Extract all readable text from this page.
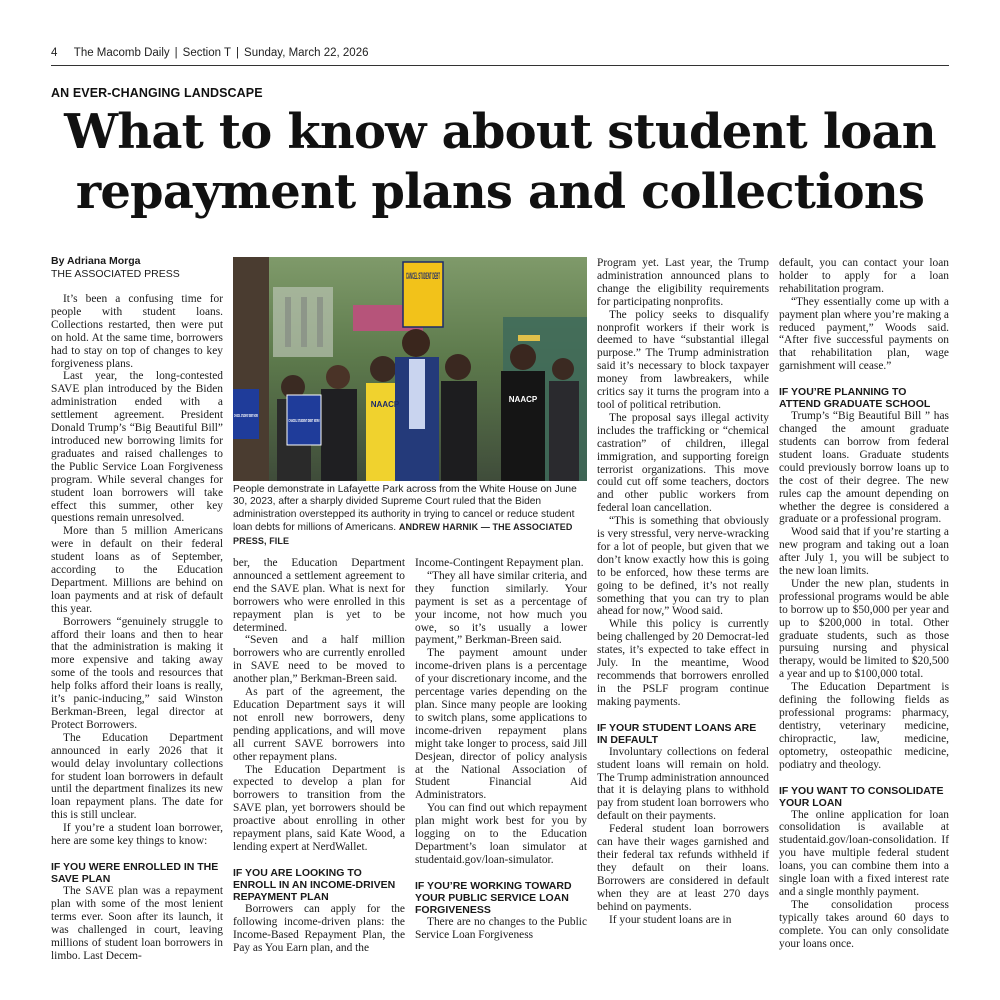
4 The Macomb Daily | Section T | Sunday, March 22, 2026
AN EVER-CHANGING LANDSCAPE
What to know about student loan
repayment plans and collections
By Adriana Morga
THE ASSOCIATED PRESS

It’s been a confusing time for people with student loans. Collections restarted, then were put on hold. At the same time, borrowers had to stay on top of changes to key forgiveness plans.

Last year, the long-contested SAVE plan introduced by the Biden administration ended with a settlement agreement. President Donald Trump’s “Big Beautiful Bill” introduced new borrowing limits for graduates and raised challenges to the Public Service Loan Forgiveness program. While several changes for student loan borrowers will take effect this summer, other key questions remain unresolved.

More than 5 million Americans were in default on their federal student loans as of September, according to the Education Department. Millions are behind on loan payments and at risk of default this year.

Borrowers “genuinely struggle to afford their loans and then to hear that the administration is making it more expensive and taking away some of the tools and resources that help folks afford their loans is really, it’s panic-inducing,” said Winston Berkman-Breen, legal director at Protect Borrowers.

The Education Department announced in early 2026 that it would delay involuntary collections for student loan borrowers in default until the department finalizes its new loan repayment plans. The date for this is still unclear.

If you’re a student loan borrower, here are some key things to know:

IF YOU WERE ENROLLED IN THE SAVE PLAN

The SAVE plan was a repayment plan with some of the most lenient terms ever. Soon after its launch, it was challenged in court, leaving millions of student loan borrowers in limbo. Last Decem-

CANCEL STUDENT DEBT
CANCEL STUDENT DEBT NOW!
CANCEL STUDENT DEBT NOW!
NAACP
NAACP
People demonstrate in Lafayette Park across from the White House on June 30, 2023, after a sharply divided Supreme Court ruled that the Biden administration overstepped its authority in trying to cancel or reduce student loan debts for millions of Americans. ANDREW HARNIK — THE ASSOCIATED PRESS, FILE

ber, the Education Department announced a settlement agreement to end the SAVE plan. What is next for borrowers who were enrolled in this repayment plan is yet to be determined.

“Seven and a half million borrowers who are currently enrolled in SAVE need to be moved to another plan,” Berkman-Breen said.

As part of the agreement, the Education Department says it will not enroll new borrowers, deny pending applications, and will move all current SAVE borrowers into other repayment plans.

The Education Department is expected to develop a plan for borrowers to transition from the SAVE plan, yet borrowers should be proactive about enrolling in other repayment plans, said Kate Wood, a lending expert at NerdWallet.

IF YOU ARE LOOKING TO ENROLL IN AN INCOME-DRIVEN REPAYMENT PLAN

Borrowers can apply for the following income-driven plans: the Income-Based Repayment Plan, the Pay as You Earn plan, and the

Income-Contingent Repayment plan.

“They all have similar criteria, and they function similarly. Your payment is set as a percentage of your income, not how much you owe, so it’s usually a lower payment,” Berkman-Breen said.

The payment amount under income-driven plans is a percentage of your discretionary income, and the percentage varies depending on the plan. Since many people are looking to switch plans, some applications to income-driven repayment plans might take longer to process, said Jill Desjean, director of policy analysis at the National Association of Student Financial Aid Administrators.

You can find out which repayment plan might work best for you by logging on to the Education Department’s loan simulator at studentaid.gov/loan-simulator.

IF YOU’RE WORKING TOWARD YOUR PUBLIC SERVICE LOAN FORGIVENESS

There are no changes to the Public Service Loan Forgiveness

Program yet. Last year, the Trump administration announced plans to change the eligibility requirements for participating nonprofits.

The policy seeks to disqualify nonprofit workers if their work is deemed to have “substantial illegal purpose.” The Trump administration said it’s necessary to block taxpayer money from lawbreakers, while critics say it turns the program into a tool of political retribution.

The proposal says illegal activity includes the trafficking or “chemical castration” of children, illegal immigration, and supporting foreign terrorist organizations. This move could cut off some teachers, doctors and other public workers from federal loan cancellation.

“This is something that obviously is very stressful, very nerve-wracking for a lot of people, but given that we don’t know exactly how this is going to be enforced, how these terms are going to be defined, it’s not really something that you can try to plan ahead for now,” Wood said.

While this policy is currently being challenged by 20 Democrat-led states, it’s expected to take effect in July. In the meantime, Wood recommends that borrowers enrolled in the PSLF program continue making payments.

IF YOUR STUDENT LOANS ARE IN DEFAULT

Involuntary collections on federal student loans will remain on hold. The Trump administration announced that it is delaying plans to withhold pay from student loan borrowers who default on their payments.

Federal student loan borrowers can have their wages garnished and their federal tax refunds withheld if they default on their loans. Borrowers are considered in default when they are at least 270 days behind on payments.

If your student loans are in

default, you can contact your loan holder to apply for a loan rehabilitation program.

“They essentially come up with a payment plan where you’re making a reduced payment,” Woods said. “After five successful payments on that rehabilitation plan, wage garnishment will cease.”

IF YOU’RE PLANNING TO ATTEND GRADUATE SCHOOL

Trump’s “Big Beautiful Bill ” has changed the amount graduate students can borrow from federal student loans. Graduate students could previously borrow loans up to the cost of their degree. The new rules cap the amount depending on whether the degree is considered a graduate or a professional program.

Wood said that if you’re starting a new program and taking out a loan after July 1, you will be subject to the new loan limits.

Under the new plan, students in professional programs would be able to borrow up to $50,000 per year and up to $200,000 in total. Other graduate students, such as those pursuing nursing and physical therapy, would be limited to $20,500 a year and up to $100,000 total.

The Education Department is defining the following fields as professional programs: pharmacy, dentistry, veterinary medicine, chiropractic, law, medicine, optometry, osteopathic medicine, podiatry and theology.

IF YOU WANT TO CONSOLIDATE YOUR LOAN

The online application for loan consolidation is available at studentaid.gov/loan-consolidation. If you have multiple federal student loans, you can combine them into a single loan with a fixed interest rate and a single monthly payment.

The consolidation process typically takes around 60 days to complete. You can only consolidate your loans once.
